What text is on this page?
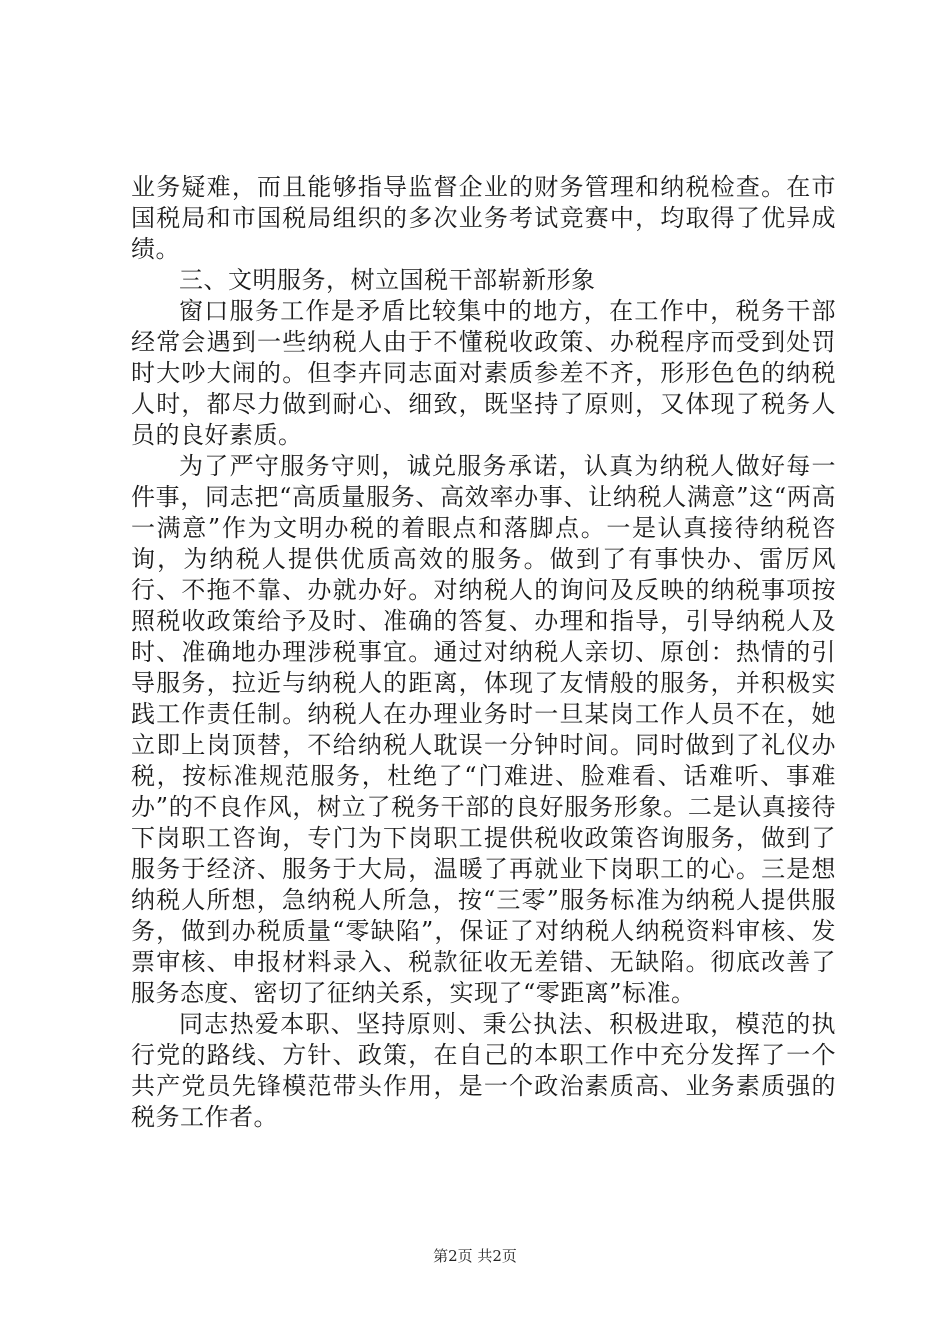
业务疑难，而且能够指导监督企业的财务管理和纳税检查。在市国税局和市国税局组织的多次业务考试竞赛中，均取得了优异成绩。

三、文明服务，树立国税干部崭新形象

窗口服务工作是矛盾比较集中的地方，在工作中，税务干部经常会遇到一些纳税人由于不懂税收政策、办税程序而受到处罚时大吵大闹的。但李卉同志面对素质参差不齐，形形色色的纳税人时，都尽力做到耐心、细致，既坚持了原则，又体现了税务人员的良好素质。

为了严守服务守则，诚兑服务承诺，认真为纳税人做好每一件事，同志把“高质量服务、高效率办事、让纳税人满意”这“两高一满意”作为文明办税的着眼点和落脚点。一是认真接待纳税咨询，为纳税人提供优质高效的服务。做到了有事快办、雷厉风行、不拖不靠、办就办好。对纳税人的询问及反映的纳税事项按照税收政策给予及时、准确的答复、办理和指导，引导纳税人及时、准确地办理涉税事宜。通过对纳税人亲切、原创：热情的引导服务，拉近与纳税人的距离，体现了友情般的服务，并积极实践工作责任制。纳税人在办理业务时一旦某岗工作人员不在，她立即上岗顶替，不给纳税人耽误一分钟时间。同时做到了礼仪办税，按标准规范服务，杜绝了“门难进、脸难看、话难听、事难办”的不良作风，树立了税务干部的良好服务形象。二是认真接待下岗职工咨询，专门为下岗职工提供税收政策咨询服务，做到了服务于经济、服务于大局，温暖了再就业下岗职工的心。三是想纳税人所想，急纳税人所急，按“三零”服务标准为纳税人提供服务，做到办税质量“零缺陷”，保证了对纳税人纳税资料审核、发票审核、申报材料录入、税款征收无差错、无缺陷。彻底改善了服务态度、密切了征纳关系，实现了“零距离”标准。

同志热爱本职、坚持原则、秉公执法、积极进取，模范的执行党的路线、方针、政策，在自己的本职工作中充分发挥了一个共产党员先锋模范带头作用，是一个政治素质高、业务素质强的税务工作者。

第2页 共2页
